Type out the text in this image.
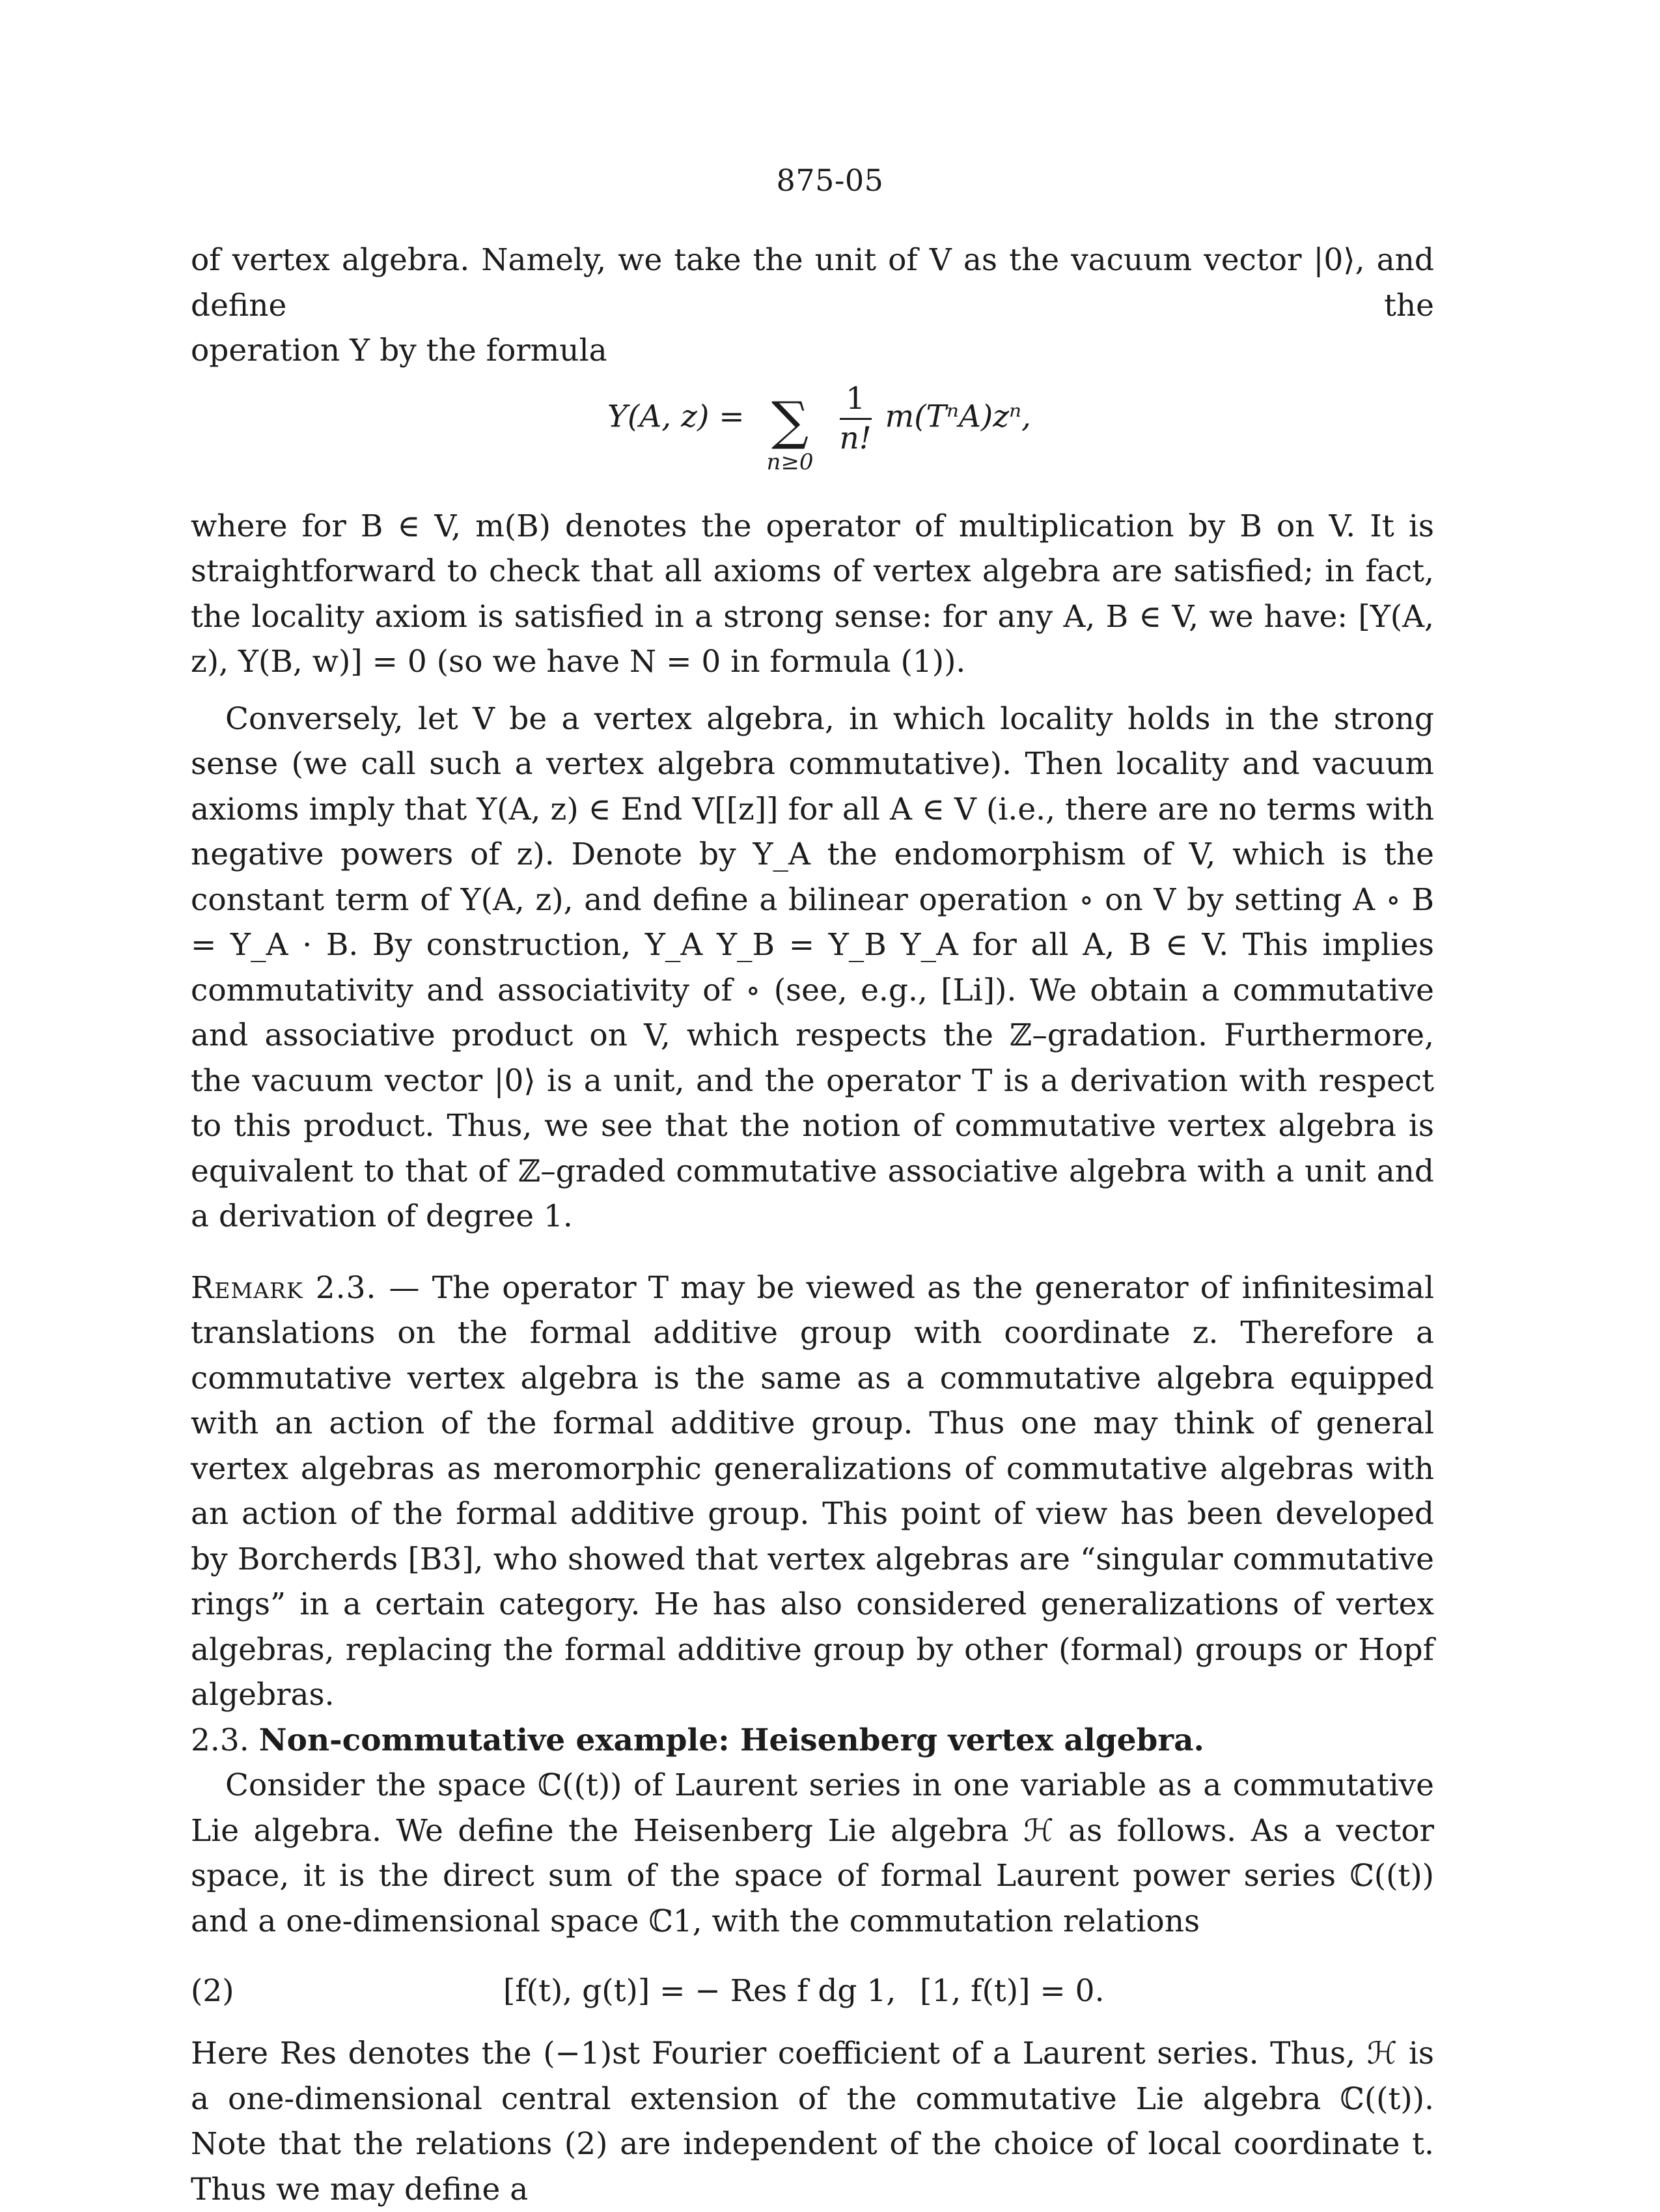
875-05

of vertex algebra. Namely, we take the unit of V as the vacuum vector |0⟩, and define the

operation Y by the formula

Y(A, z) = ∑
n≥0

$\frac{1}{n!} m(T^nA)z^n$,

where for B ∈ V, m(B) denotes the operator of multiplication by B on V. It is straightforward to check that all axioms of vertex algebra are satisfied; in fact, the locality axiom is satisfied in a strong sense: for any A, B ∈ V, we have: [Y(A, z), Y(B, w)] = 0 (so we have N = 0 in formula (1)).

Conversely, let V be a vertex algebra, in which locality holds in the strong sense (we call such a vertex algebra commutative). Then locality and vacuum axioms imply that Y(A, z) ∈ End V[[z]] for all A ∈ V (i.e., there are no terms with negative powers of z). Denote by Y_A the endomorphism of V, which is the constant term of Y(A, z), and define a bilinear operation ∘ on V by setting A ∘ B = Y_A · B. By construction, Y_A Y_B = Y_B Y_A for all A, B ∈ V. This implies commutativity and associativity of ∘ (see, e.g., [Li]). We obtain a commutative and associative product on V, which respects the ℤ–gradation. Furthermore, the vacuum vector |0⟩ is a unit, and the operator T is a derivation with respect to this product. Thus, we see that the notion of commutative vertex algebra is equivalent to that of ℤ–graded commutative associative algebra with a unit and a derivation of degree 1.

Remark 2.3. — The operator T may be viewed as the generator of infinitesimal translations on the formal additive group with coordinate z. Therefore a commutative vertex algebra is the same as a commutative algebra equipped with an action of the formal additive group. Thus one may think of general vertex algebras as meromorphic generalizations of commutative algebras with an action of the formal additive group. This point of view has been developed by Borcherds [B3], who showed that vertex algebras are “singular commutative rings” in a certain category. He has also considered generalizations of vertex algebras, replacing the formal additive group by other (formal) groups or Hopf algebras.

2.3. Non-commutative example: Heisenberg vertex algebra.

Consider the space ℂ((t)) of Laurent series in one variable as a commutative Lie algebra. We define the Heisenberg Lie algebra ℋ as follows. As a vector space, it is the direct sum of the space of formal Laurent power series ℂ((t)) and a one-dimensional space ℂ1, with the commutation relations

(2)	[f(t), g(t)] = − Res f dg 1, [1, f(t)] = 0.

Here Res denotes the (−1)st Fourier coefficient of a Laurent series. Thus, ℋ is a one-dimensional central extension of the commutative Lie algebra ℂ((t)). Note that the relations (2) are independent of the choice of local coordinate t. Thus we may define a
